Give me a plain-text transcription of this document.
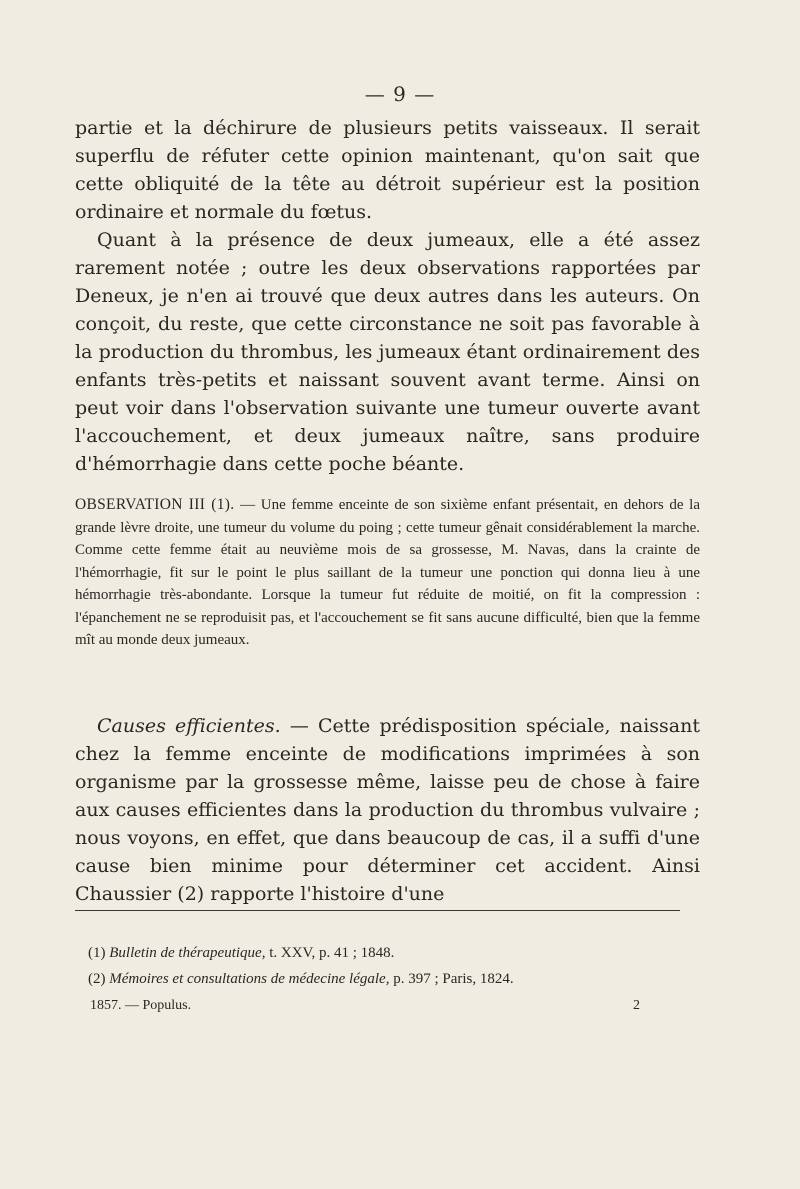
— 9 —

partie et la déchirure de plusieurs petits vaisseaux. Il serait superflu de réfuter cette opinion maintenant, qu'on sait que cette obliquité de la tête au détroit supérieur est la position ordinaire et normale du fœtus.

Quant à la présence de deux jumeaux, elle a été assez rarement notée ; outre les deux observations rapportées par Deneux, je n'en ai trouvé que deux autres dans les auteurs. On conçoit, du reste, que cette circonstance ne soit pas favorable à la production du thrombus, les jumeaux étant ordinairement des enfants très-petits et naissant souvent avant terme. Ainsi on peut voir dans l'observation suivante une tumeur ouverte avant l'accouchement, et deux jumeaux naître, sans produire d'hémorrhagie dans cette poche béante.

OBSERVATION III (1). — Une femme enceinte de son sixième enfant présentait, en dehors de la grande lèvre droite, une tumeur du volume du poing ; cette tumeur gênait considérablement la marche. Comme cette femme était au neuvième mois de sa grossesse, M. Navas, dans la crainte de l'hémorrhagie, fit sur le point le plus saillant de la tumeur une ponction qui donna lieu à une hémorrhagie très-abondante. Lorsque la tumeur fut réduite de moitié, on fit la compression : l'épanchement ne se reproduisit pas, et l'accouchement se fit sans aucune difficulté, bien que la femme mît au monde deux jumeaux.

Causes efficientes. — Cette prédisposition spéciale, naissant chez la femme enceinte de modifications imprimées à son organisme par la grossesse même, laisse peu de chose à faire aux causes efficientes dans la production du thrombus vulvaire ; nous voyons, en effet, que dans beaucoup de cas, il a suffi d'une cause bien minime pour déterminer cet accident. Ainsi Chaussier (2) rapporte l'histoire d'une

(1) Bulletin de thérapeutique, t. XXV, p. 41 ; 1848.

(2) Mémoires et consultations de médecine légale, p. 397 ; Paris, 1824.

1857. — Populus.	2
